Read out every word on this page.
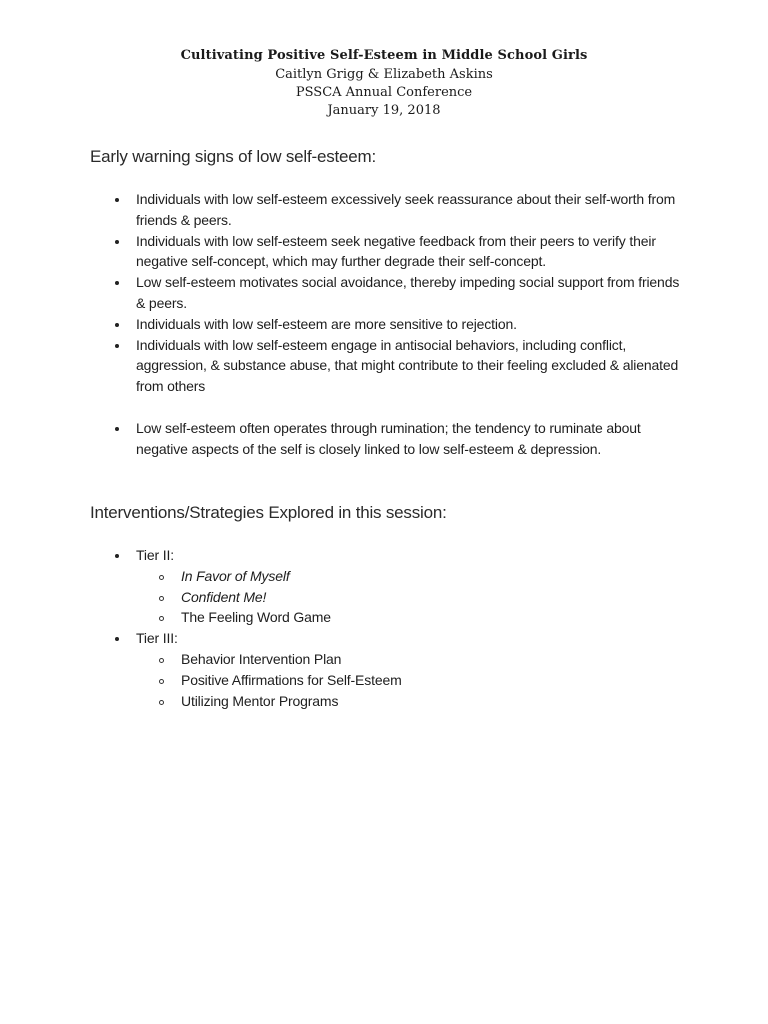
Cultivating Positive Self-Esteem in Middle School Girls
Caitlyn Grigg & Elizabeth Askins
PSSCA Annual Conference
January 19, 2018
Early warning signs of low self-esteem:
Individuals with low self-esteem excessively seek reassurance about their self-worth from friends & peers.
Individuals with low self-esteem seek negative feedback from their peers to verify their negative self-concept, which may further degrade their self-concept.
Low self-esteem motivates social avoidance, thereby impeding social support from friends & peers.
Individuals with low self-esteem are more sensitive to rejection.
Individuals with low self-esteem engage in antisocial behaviors, including conflict, aggression, & substance abuse, that might contribute to their feeling excluded & alienated from others
Low self-esteem often operates through rumination; the tendency to ruminate about negative aspects of the self is closely linked to low self-esteem & depression.
Interventions/Strategies Explored in this session:
Tier II:
In Favor of Myself
Confident Me!
The Feeling Word Game
Tier III:
Behavior Intervention Plan
Positive Affirmations for Self-Esteem
Utilizing Mentor Programs
